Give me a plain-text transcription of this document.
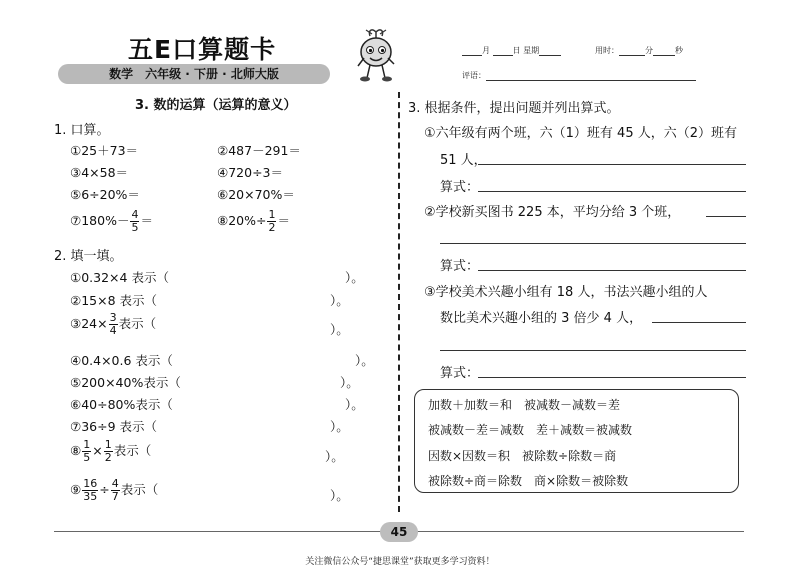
五E口算题卡
数学　六年级 · 下册 · 北师大版
月	日 星期	用时：	分	秒
评语：
3. 数的运算（运算的意义）
1. 口算。
①25＋73＝	②487－291＝
③4×58＝	④720÷3＝
⑤6÷20%＝	⑥20×70%＝
⑦180%－ $\frac{4}{5}$ ＝	⑧20%÷ $\frac{1}{2}$ ＝
2. 填一填。
①0.32×4 表示（	）。
②15×8 表示（	）。
③24× $\frac{3}{4}$ 表示（	）。
④0.4×0.6 表示（	）。
⑤200×40%表示（	）。
⑥40÷80%表示（	）。
⑦36÷9 表示（	）。
⑧ $\frac{1}{5} \times \frac{1}{2}$ 表示（	）。
⑨ $\frac{16}{35} \div \frac{4}{7}$ 表示（	）。
3. 根据条件，提出问题并列出算式。
①六年级有两个班，六（1）班有 45 人，六（2）班有
51 人，
算式：
②学校新买图书 225 本，平均分给 3 个班，
算式：
③学校美术兴趣小组有 18 人，书法兴趣小组的人
数比美术兴趣小组的 3 倍少 4 人，
算式：
加数＋加数＝和　被减数－减数＝差
被减数－差＝减数　差＋减数＝被减数
因数×因数＝积　被除数÷除数＝商
被除数÷商＝除数　商×除数＝被除数
45
关注微信公众号“捷思课堂”获取更多学习资料！
